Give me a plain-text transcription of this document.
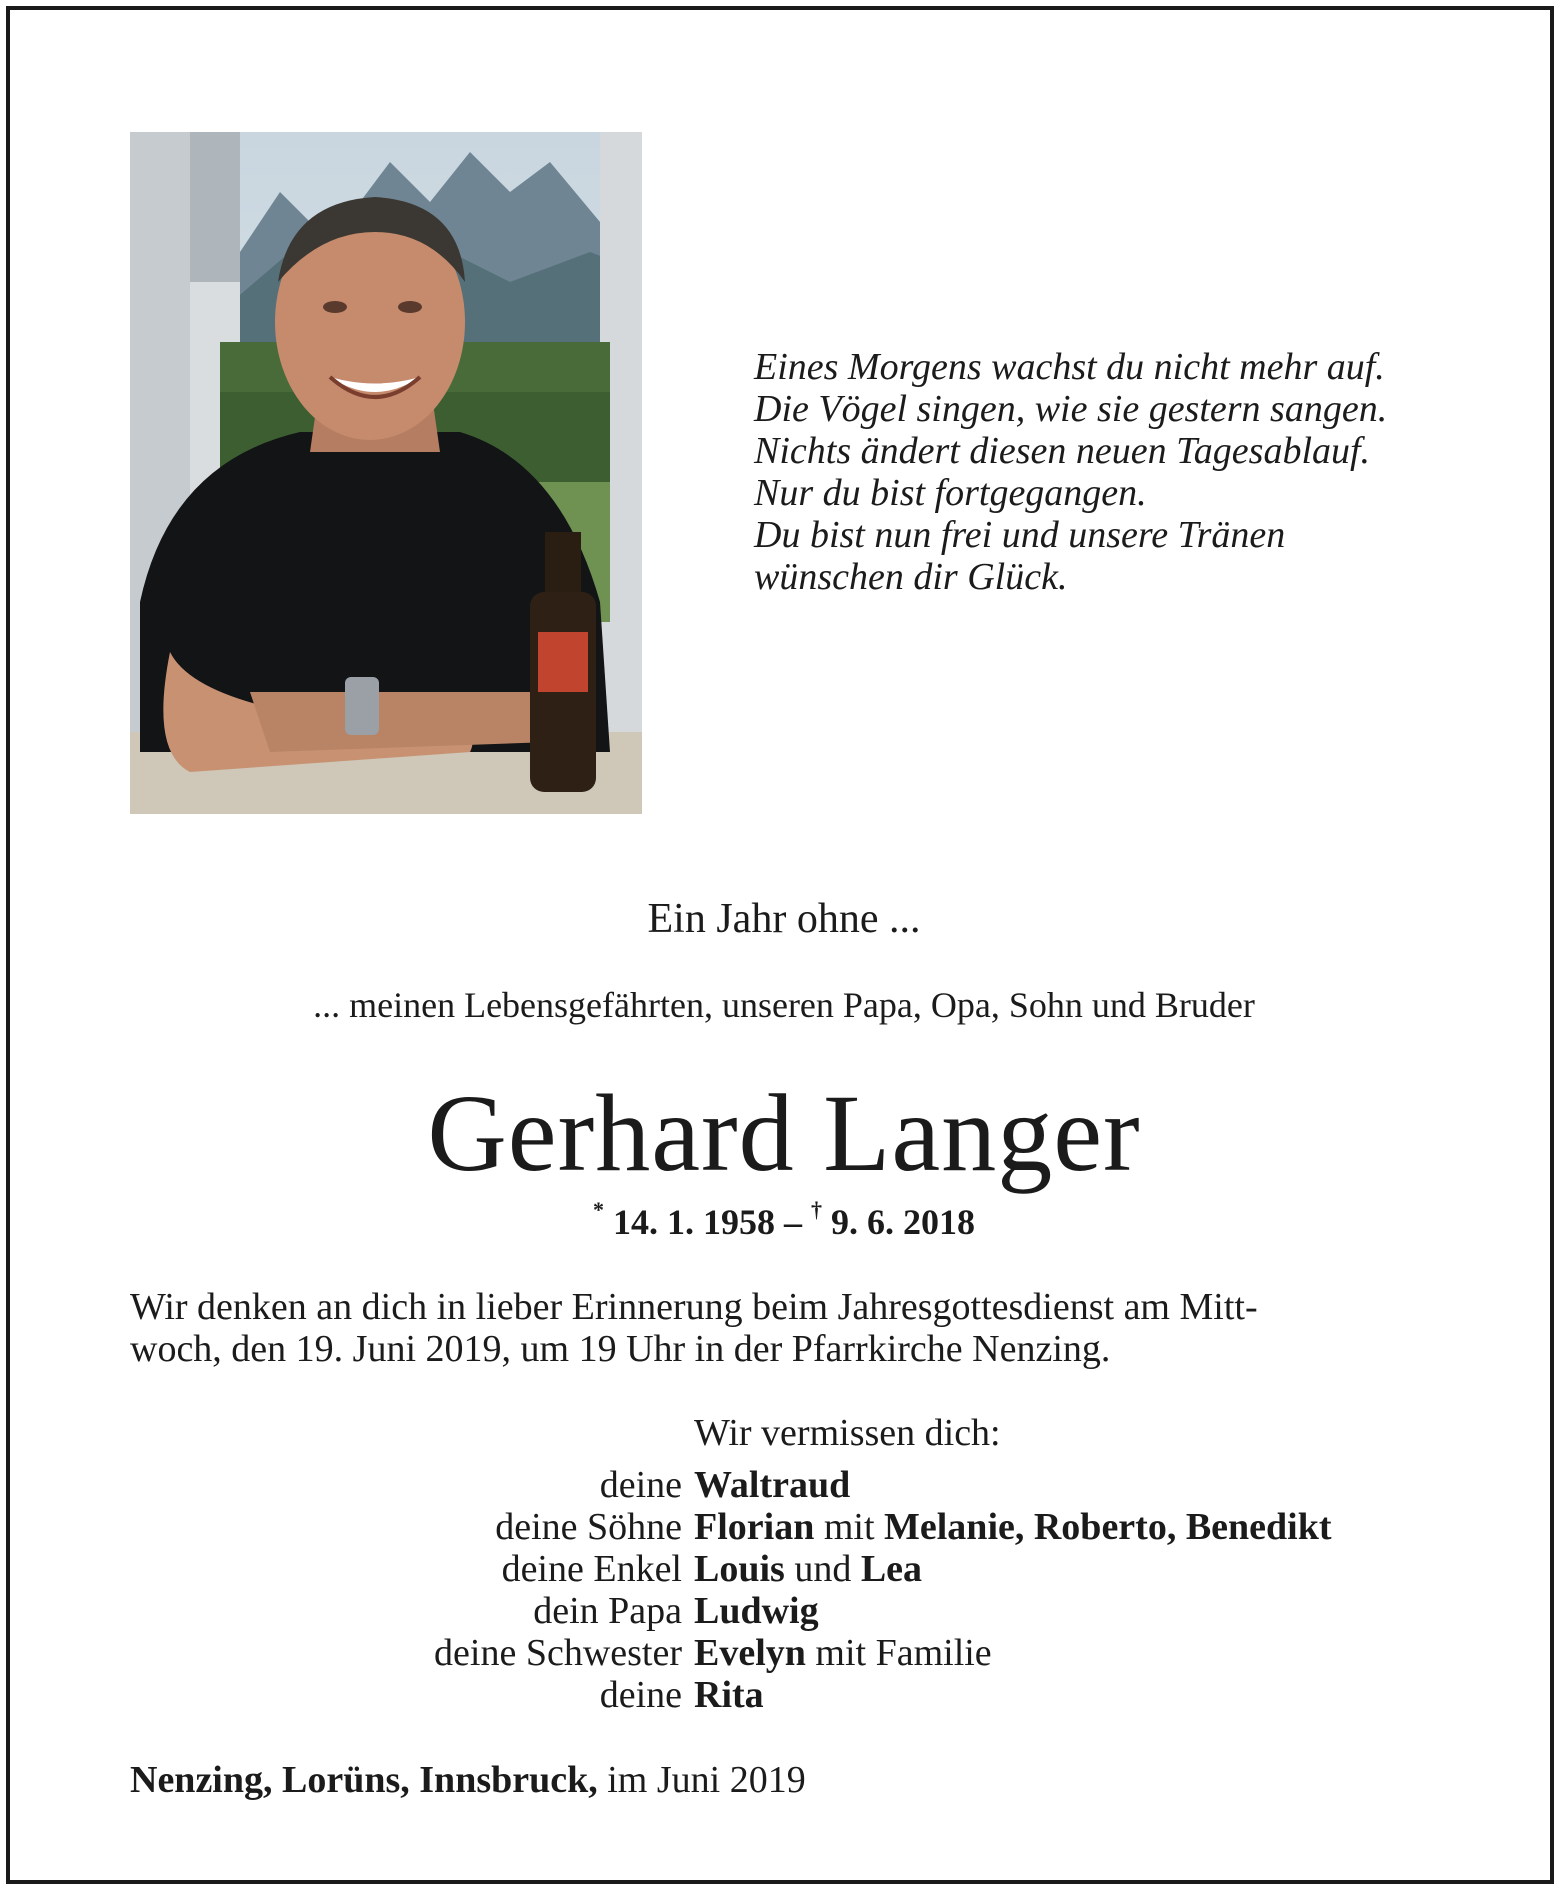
Eines Morgens wachst du nicht mehr auf.
Die Vögel singen, wie sie gestern sangen.
Nichts ändert diesen neuen Tagesablauf.
Nur du bist fortgegangen.
Du bist nun frei und unsere Tränen
wünschen dir Glück.
Ein Jahr ohne ...
... meinen Lebensgefährten, unseren Papa, Opa, Sohn und Bruder
Gerhard Langer
* 14. 1. 1958 – † 9. 6. 2018
Wir denken an dich in lieber Erinnerung beim Jahresgottesdienst am Mitt-
woch, den 19. Juni 2019, um 19 Uhr in der Pfarrkirche Nenzing.
Wir vermissen dich:
deine Waltraud
deine Söhne Florian mit Melanie, Roberto, Benedikt
deine Enkel Louis und Lea
dein Papa Ludwig
deine Schwester Evelyn mit Familie
deine Rita
Nenzing, Lorüns, Innsbruck, im Juni 2019
